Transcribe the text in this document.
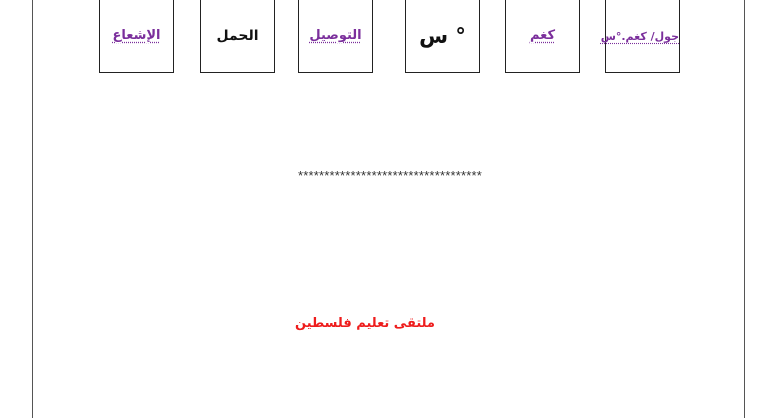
الإشعاع	الحمل	التوصيل	° س	كغم	جول/ كغم.°س
***********************************
ملتقى تعليم فلسطين
